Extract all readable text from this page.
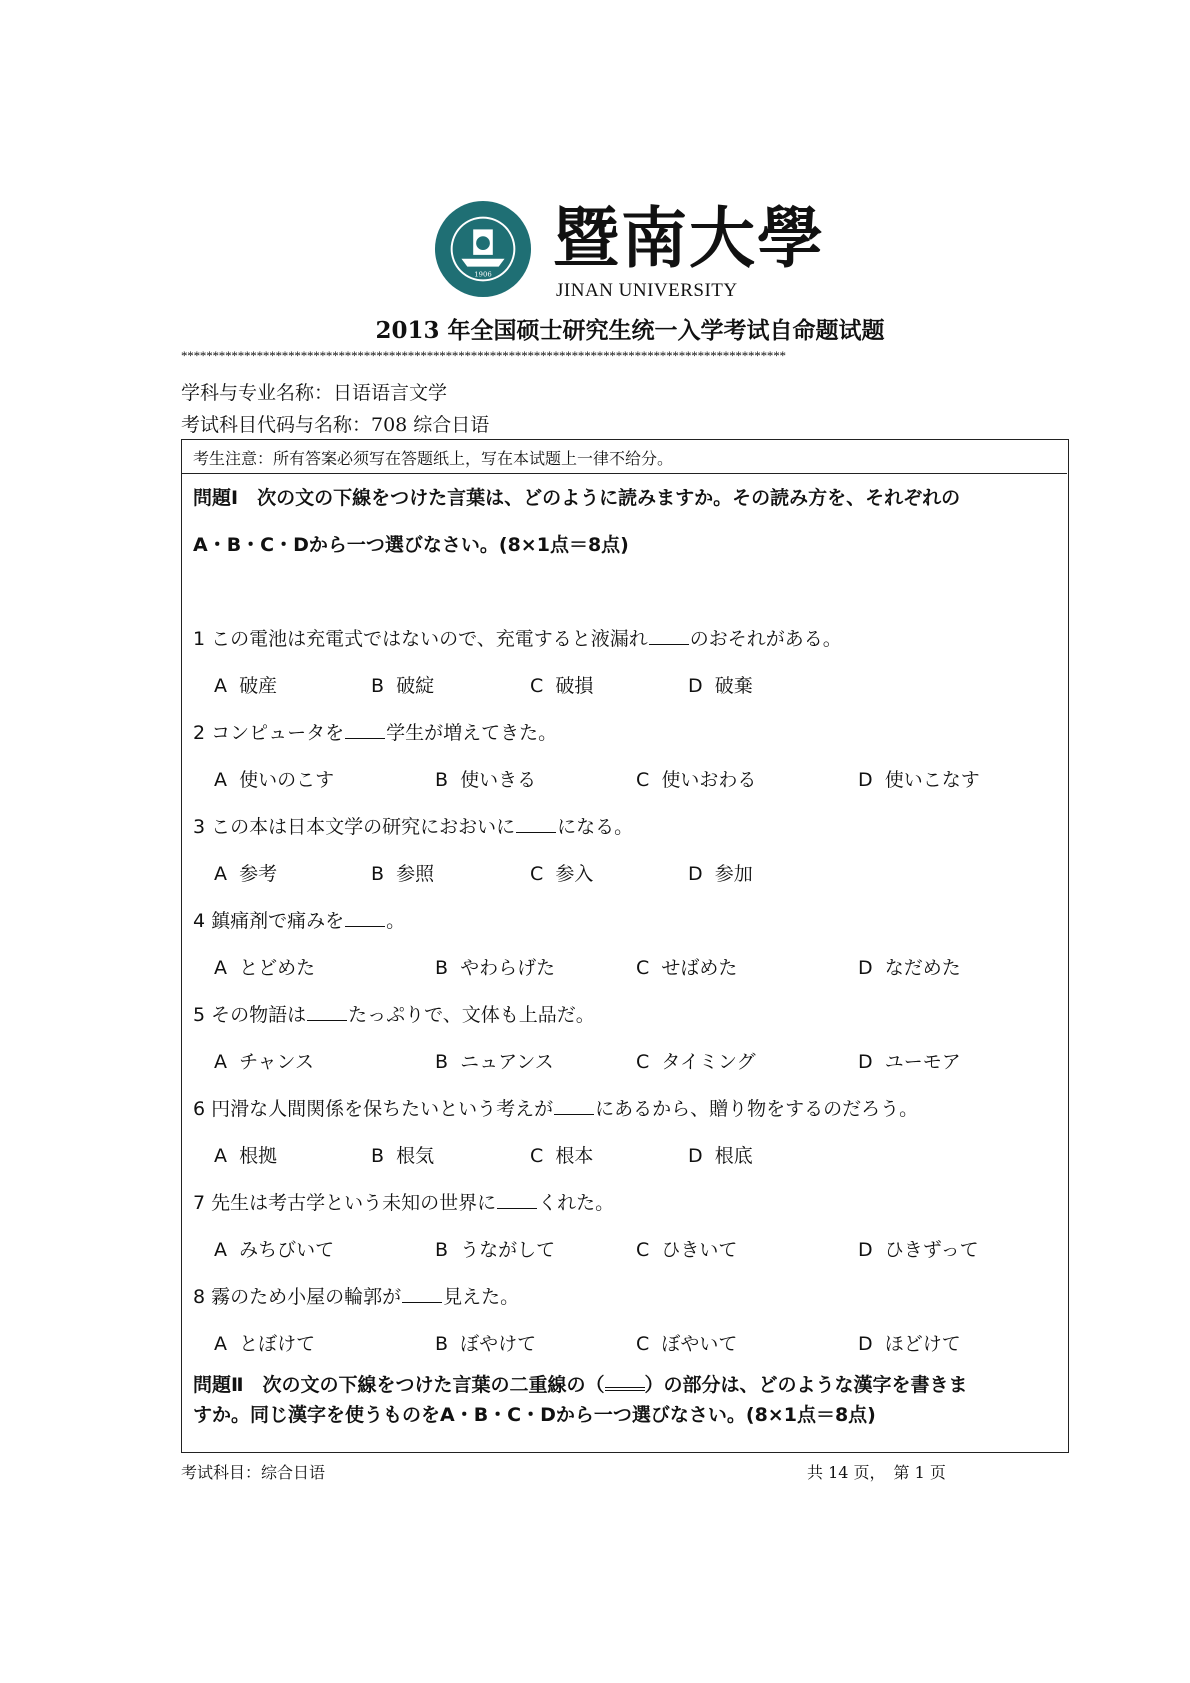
1906 暨南大學
JINAN UNIVERSITY
2013 年全国硕士研究生统一入学考试自命题试题
************************************************************************************************
学科与专业名称：日语语言文学
考试科目代码与名称：708 综合日语
考生注意：所有答案必须写在答题纸上，写在本试题上一律不给分。
問題Ⅰ　次の文の下線をつけた言葉は、どのように読みますか。その読み方を、それぞれの
A・B・C・Dから一つ選びなさい。(8×1点＝8点)
1 この電池は充電式ではないので、充電すると液漏れ のおそれがある。
A 破産	B 破綻	C 破損	D 破棄
2 コンピュータを 学生が増えてきた。
A 使いのこす	B 使いきる	C 使いおわる	D 使いこなす
3 この本は日本文学の研究におおいに になる。
A 参考	B 参照	C 参入	D 参加
4 鎮痛剤で痛みを 。
A とどめた	B やわらげた	C せばめた	D なだめた
5 その物語は たっぷりで、文体も上品だ。
A チャンス	B ニュアンス	C タイミング	D ユーモア
6 円滑な人間関係を保ちたいという考えが にあるから、贈り物をするのだろう。
A 根拠	B 根気	C 根本	D 根底
7 先生は考古学という未知の世界に くれた。
A みちびいて	B うながして	C ひきいて	D ひきずって
8 霧のため小屋の輪郭が 見えた。
A とぼけて	B ぼやけて	C ぼやいて	D ほどけて
問題Ⅱ　次の文の下線をつけた言葉の二重線の（ ）の部分は、どのような漢字を書きま
すか。同じ漢字を使うものをA・B・C・Dから一つ選びなさい。(8×1点＝8点)
考试科目：综合日语	共 14 页，　第 1 页
